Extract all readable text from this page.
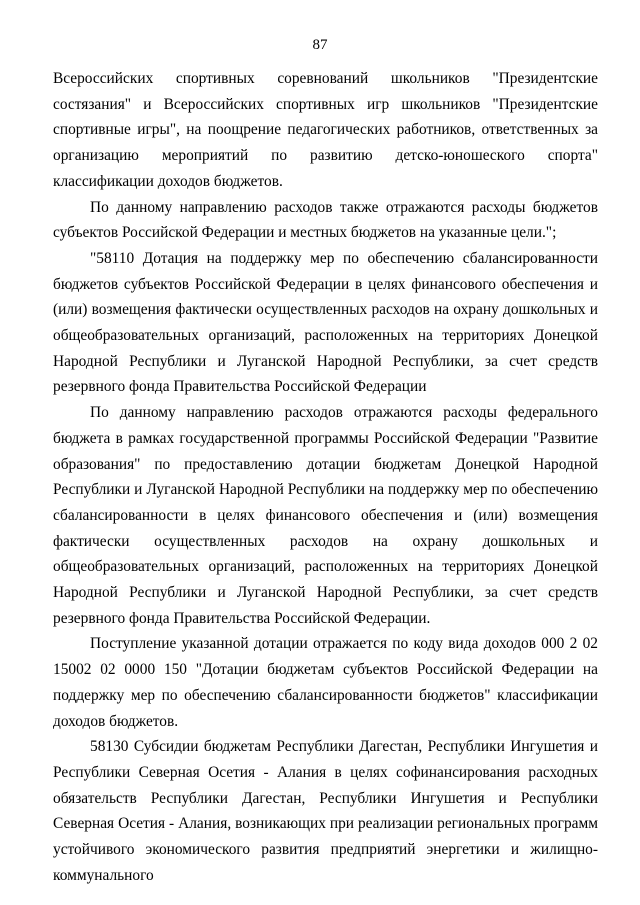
87

Всероссийских спортивных соревнований школьников "Президентские состязания" и Всероссийских спортивных игр школьников "Президентские спортивные игры", на поощрение педагогических работников, ответственных за организацию мероприятий по развитию детско-юношеского спорта" классификации доходов бюджетов.

По данному направлению расходов также отражаются расходы бюджетов субъектов Российской Федерации и местных бюджетов на указанные цели.";

"58110 Дотация на поддержку мер по обеспечению сбалансированности бюджетов субъектов Российской Федерации в целях финансового обеспечения и (или) возмещения фактически осуществленных расходов на охрану дошкольных и общеобразовательных организаций, расположенных на территориях Донецкой Народной Республики и Луганской Народной Республики, за счет средств резервного фонда Правительства Российской Федерации

По данному направлению расходов отражаются расходы федерального бюджета в рамках государственной программы Российской Федерации "Развитие образования" по предоставлению дотации бюджетам Донецкой Народной Республики и Луганской Народной Республики на поддержку мер по обеспечению сбалансированности в целях финансового обеспечения и (или) возмещения фактически осуществленных расходов на охрану дошкольных и общеобразовательных организаций, расположенных на территориях Донецкой Народной Республики и Луганской Народной Республики, за счет средств резервного фонда Правительства Российской Федерации.

Поступление указанной дотации отражается по коду вида доходов 000 2 02 15002 02 0000 150 "Дотации бюджетам субъектов Российской Федерации на поддержку мер по обеспечению сбалансированности бюджетов" классификации доходов бюджетов.

58130 Субсидии бюджетам Республики Дагестан, Республики Ингушетия и Республики Северная Осетия - Алания в целях софинансирования расходных обязательств Республики Дагестан, Республики Ингушетия и Республики Северная Осетия - Алания, возникающих при реализации региональных программ устойчивого экономического развития предприятий энергетики и жилищно-коммунального
